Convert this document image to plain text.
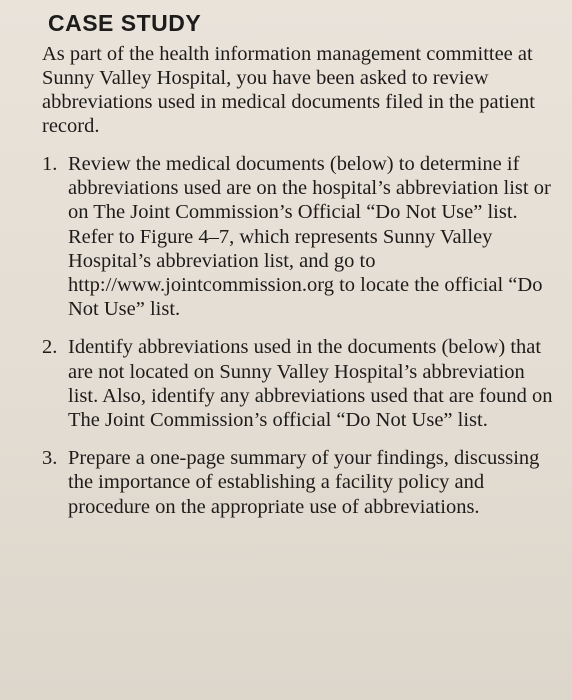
CASE STUDY

As part of the health information management committee at Sunny Valley Hospital, you have been asked to review abbreviations used in medical documents filed in the patient record.

1. Review the medical documents (below) to determine if abbreviations used are on the hospital’s abbreviation list or on The Joint Commission’s Official “Do Not Use” list. Refer to Figure 4–7, which represents Sunny Valley Hospital’s abbreviation list, and go to http://www.jointcommission.org to locate the official “Do Not Use” list.
2. Identify abbreviations used in the documents (below) that are not located on Sunny Valley Hospital’s abbreviation list. Also, identify any abbreviations used that are found on The Joint Commission’s official “Do Not Use” list.
3. Prepare a one-page summary of your findings, discussing the importance of establishing a facility policy and procedure on the appropriate use of abbreviations.
